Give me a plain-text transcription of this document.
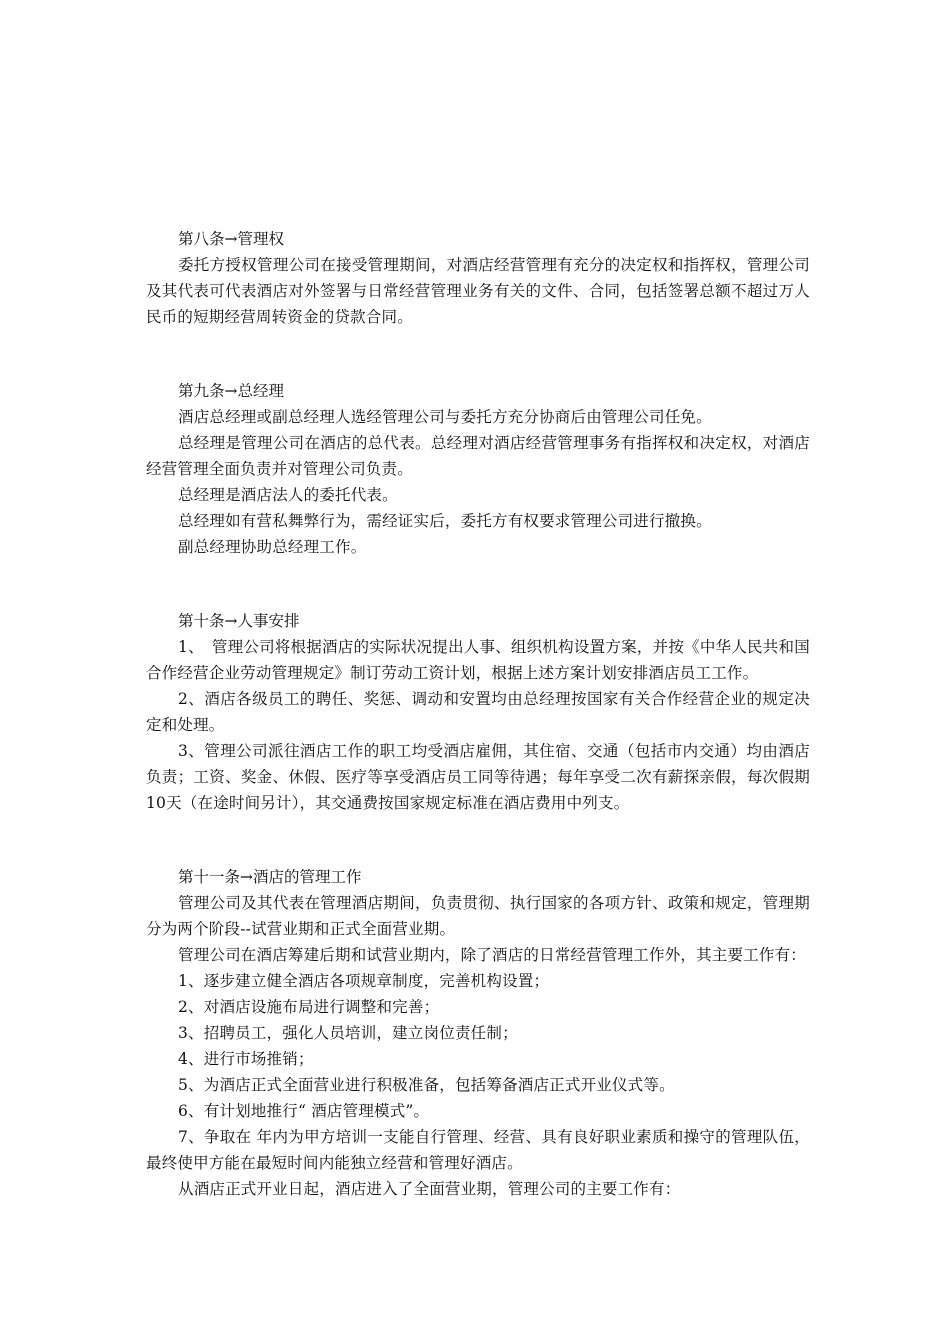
第八条→管理权

委托方授权管理公司在接受管理期间，对酒店经营管理有充分的决定权和指挥权，管理公司及其代表可代表酒店对外签署与日常经营管理业务有关的文件、合同，包括签署总额不超过万人民币的短期经营周转资金的贷款合同。

第九条→总经理

酒店总经理或副总经理人选经管理公司与委托方充分协商后由管理公司任免。

总经理是管理公司在酒店的总代表。总经理对酒店经营管理事务有指挥权和决定权，对酒店经营管理全面负责并对管理公司负责。

总经理是酒店法人的委托代表。

总经理如有营私舞弊行为，需经证实后，委托方有权要求管理公司进行撤换。

副总经理协助总经理工作。

第十条→人事安排

1、　管理公司将根据酒店的实际状况提出人事、组织机构设置方案，并按《中华人民共和国合作经营企业劳动管理规定》制订劳动工资计划，根据上述方案计划安排酒店员工工作。

2、酒店各级员工的聘任、奖惩、调动和安置均由总经理按国家有关合作经营企业的规定决定和处理。

3、管理公司派往酒店工作的职工均受酒店雇佣，其住宿、交通（包括市内交通）均由酒店负责；工资、奖金、休假、医疗等享受酒店员工同等待遇；每年享受二次有薪探亲假，每次假期10天（在途时间另计），其交通费按国家规定标准在酒店费用中列支。

第十一条→酒店的管理工作

管理公司及其代表在管理酒店期间，负责贯彻、执行国家的各项方针、政策和规定，管理期分为两个阶段--试营业期和正式全面营业期。

管理公司在酒店筹建后期和试营业期内，除了酒店的日常经营管理工作外，其主要工作有：

1、逐步建立健全酒店各项规章制度，完善机构设置；

2、对酒店设施布局进行调整和完善；

3、招聘员工，强化人员培训，建立岗位责任制；

4、进行市场推销；

5、为酒店正式全面营业进行积极准备，包括筹备酒店正式开业仪式等。

6、有计划地推行“ 酒店管理模式”。

7、争取在 年内为甲方培训一支能自行管理、经营、具有良好职业素质和操守的管理队伍，最终使甲方能在最短时间内能独立经营和管理好酒店。

从酒店正式开业日起，酒店进入了全面营业期，管理公司的主要工作有：
